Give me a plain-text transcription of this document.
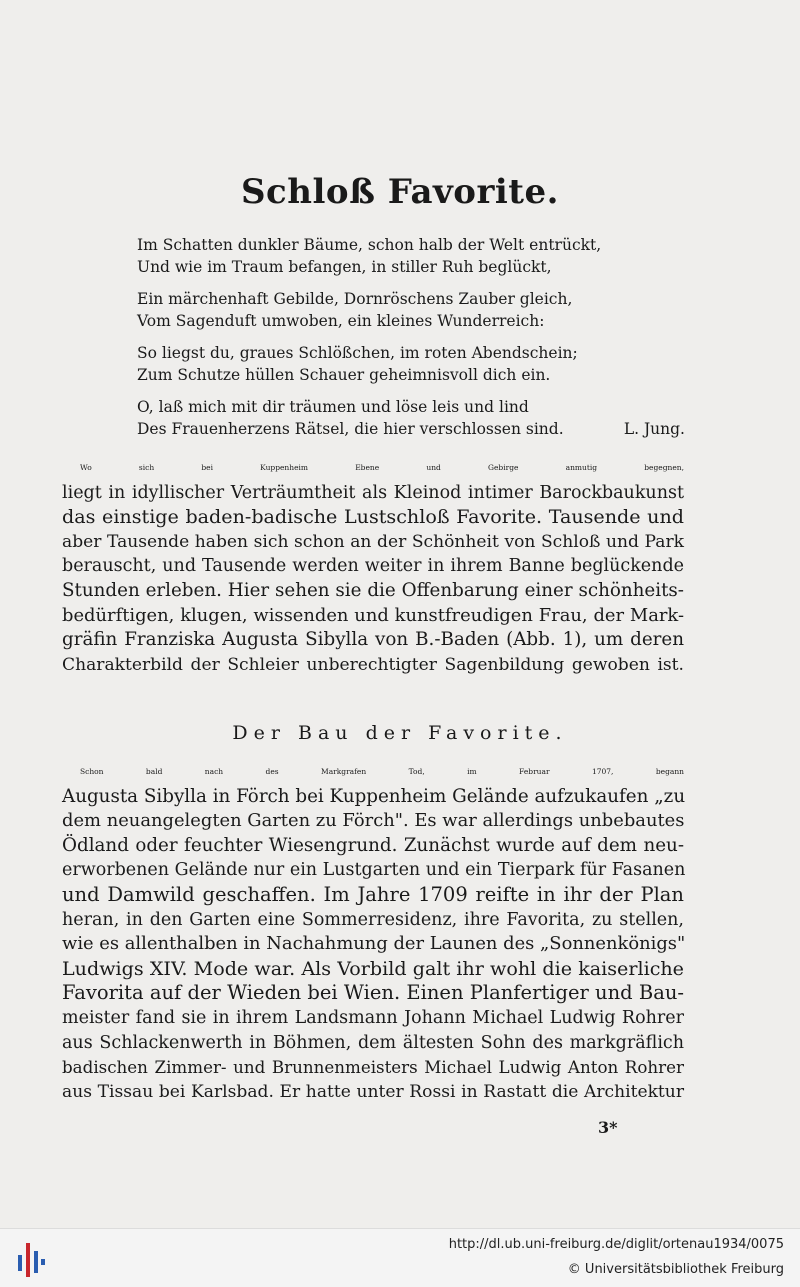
Schloß Favorite.
Im Schatten dunkler Bäume, schon halb der Welt entrückt,
Und wie im Traum befangen, in stiller Ruh beglückt,
Ein märchenhaft Gebilde, Dornröschens Zauber gleich,
Vom Sagenduft umwoben, ein kleines Wunderreich:
So liegst du, graues Schlößchen, im roten Abendschein;
Zum Schutze hüllen Schauer geheimnisvoll dich ein.
O, laß mich mit dir träumen und löse leis und lind
Des Frauenherzens Rätsel, die hier verschlossen sind.	L. Jung.
Wo sich bei Kuppenheim Ebene und Gebirge anmutig begegnen,
liegt in idyllischer Verträumtheit als Kleinod intimer Barockbaukunst
das einstige baden-badische Lustschloß Favorite. Tausende und
aber Tausende haben sich schon an der Schönheit von Schloß und Park
berauscht, und Tausende werden weiter in ihrem Banne beglückende
Stunden erleben. Hier sehen sie die Offenbarung einer schönheits-
bedürftigen, klugen, wissenden und kunstfreudigen Frau, der Mark-
gräfin Franziska Augusta Sibylla von B.-Baden (Abb. 1), um deren
Charakterbild der Schleier unberechtigter Sagenbildung gewoben ist.
Der Bau der Favorite.
Schon bald nach des Markgrafen Tod, im Februar 1707, begann
Augusta Sibylla in Förch bei Kuppenheim Gelände aufzukaufen „zu
dem neuangelegten Garten zu Förch". Es war allerdings unbebautes
Ödland oder feuchter Wiesengrund. Zunächst wurde auf dem neu-
erworbenen Gelände nur ein Lustgarten und ein Tierpark für Fasanen
und Damwild geschaffen. Im Jahre 1709 reifte in ihr der Plan
heran, in den Garten eine Sommerresidenz, ihre Favorita, zu stellen,
wie es allenthalben in Nachahmung der Launen des „Sonnenkönigs"
Ludwigs XIV. Mode war. Als Vorbild galt ihr wohl die kaiserliche
Favorita auf der Wieden bei Wien. Einen Planfertiger und Bau-
meister fand sie in ihrem Landsmann Johann Michael Ludwig Rohrer
aus Schlackenwerth in Böhmen, dem ältesten Sohn des markgräflich
badischen Zimmer- und Brunnenmeisters Michael Ludwig Anton Rohrer
aus Tissau bei Karlsbad. Er hatte unter Rossi in Rastatt die Architektur
3*
http://dl.ub.uni-freiburg.de/diglit/ortenau1934/0075
© Universitätsbibliothek Freiburg
